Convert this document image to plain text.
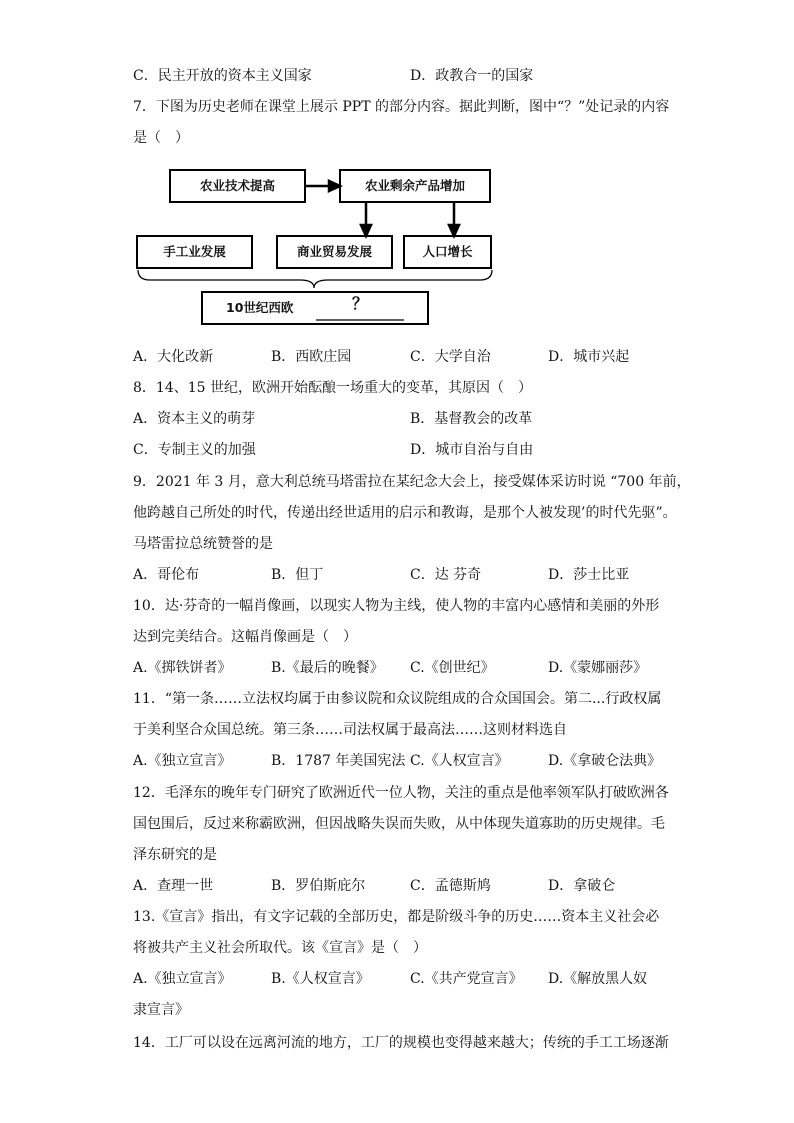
C．民主开放的资本主义国家	D．政教合一的国家
7．下图为历史老师在课堂上展示 PPT 的部分内容。据此判断，图中“？”处记录的内容
是（　）
农业技术提高	农业剩余产品增加
手工业发展	商业贸易发展	人口增长
10世纪西欧	？
A．大化改新	B．西欧庄园	C．大学自治	D．城市兴起
8．14、15 世纪，欧洲开始酝酿一场重大的变革，其原因（　）
A．资本主义的萌芽	B．基督教会的改革
C．专制主义的加强	D．城市自治与自由
9．2021 年 3 月，意大利总统马塔雷拉在某纪念大会上，接受媒体采访时说 “700 年前，
他跨越自己所处的时代，传递出经世适用的启示和教诲，是那个人被发现’的时代先驱”。
马塔雷拉总统赞誉的是
A．哥伦布	B．但丁	C．达 芬奇	D．莎士比亚
10．达·芬奇的一幅肖像画，以现实人物为主线，使人物的丰富内心感情和美丽的外形
达到完美结合。这幅肖像画是（　）
A.《掷铁饼者》	B.《最后的晚餐》 C.《创世纪》	D.《蒙娜丽莎》
11．“第一条……立法权均属于由参议院和众议院组成的合众国国会。第二...行政权属
于美利坚合众国总统。第三条……司法权属于最高法……这则材料选自
A.《独立宣言》	B．1787 年美国宪法 C.《人权宣言》	D.《拿破仑法典》
12．毛泽东的晚年专门研究了欧洲近代一位人物，关注的重点是他率领军队打破欧洲各
国包围后，反过来称霸欧洲，但因战略失误而失败，从中体现失道寡助的历史规律。毛
泽东研究的是
A．查理一世	B．罗伯斯庇尔	C．孟德斯鸠	D．拿破仑
13.《宣言》指出，有文字记载的全部历史，都是阶级斗争的历史……资本主义社会必
将被共产主义社会所取代。该《宣言》是（　）
A.《独立宣言》	B.《人权宣言》	C.《共产党宣言》 D.《解放黑人奴
隶宣言》
14．工厂可以设在远离河流的地方，工厂的规模也变得越来越大；传统的手工工场逐渐
